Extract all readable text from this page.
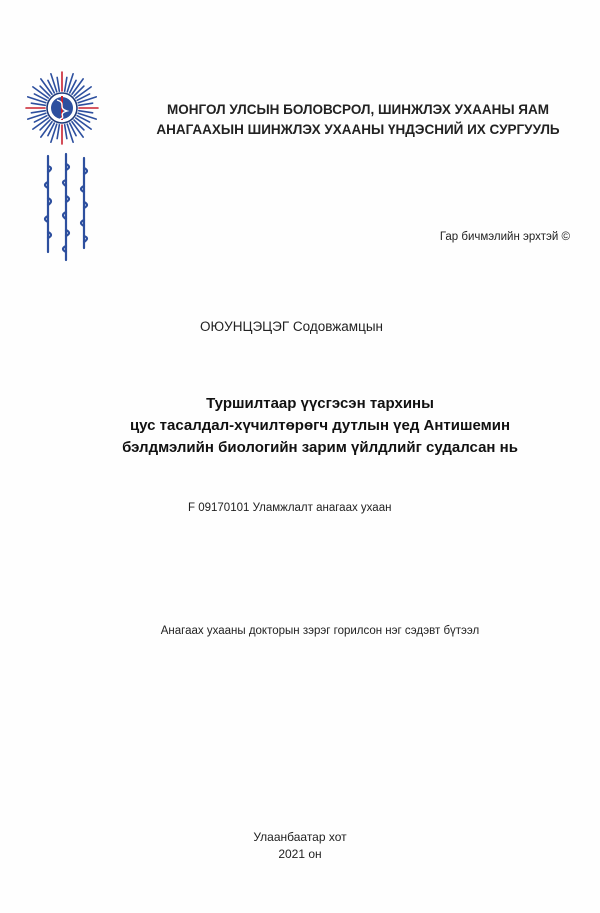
МОНГОЛ УЛСЫН БОЛОВСРОЛ, ШИНЖЛЭХ УХААНЫ ЯАМ
АНАГААХЫН ШИНЖЛЭХ УХААНЫ ҮНДЭСНИЙ ИХ СУРГУУЛЬ
Гар бичмэлийн эрхтэй ©
ОЮУНЦЭЦЭГ Содовжамцын
Туршилтаар үүсгэсэн тархины
цус тасалдал-хүчилтөрөгч дутлын үед Антишемин
бэлдмэлийн биологийн зарим үйлдлийг судалсан нь
F 09170101 Уламжлалт анагаах ухаан
Анагаах ухааны докторын зэрэг горилсон нэг сэдэвт бүтээл
Улаанбаатар хот
2021 он
